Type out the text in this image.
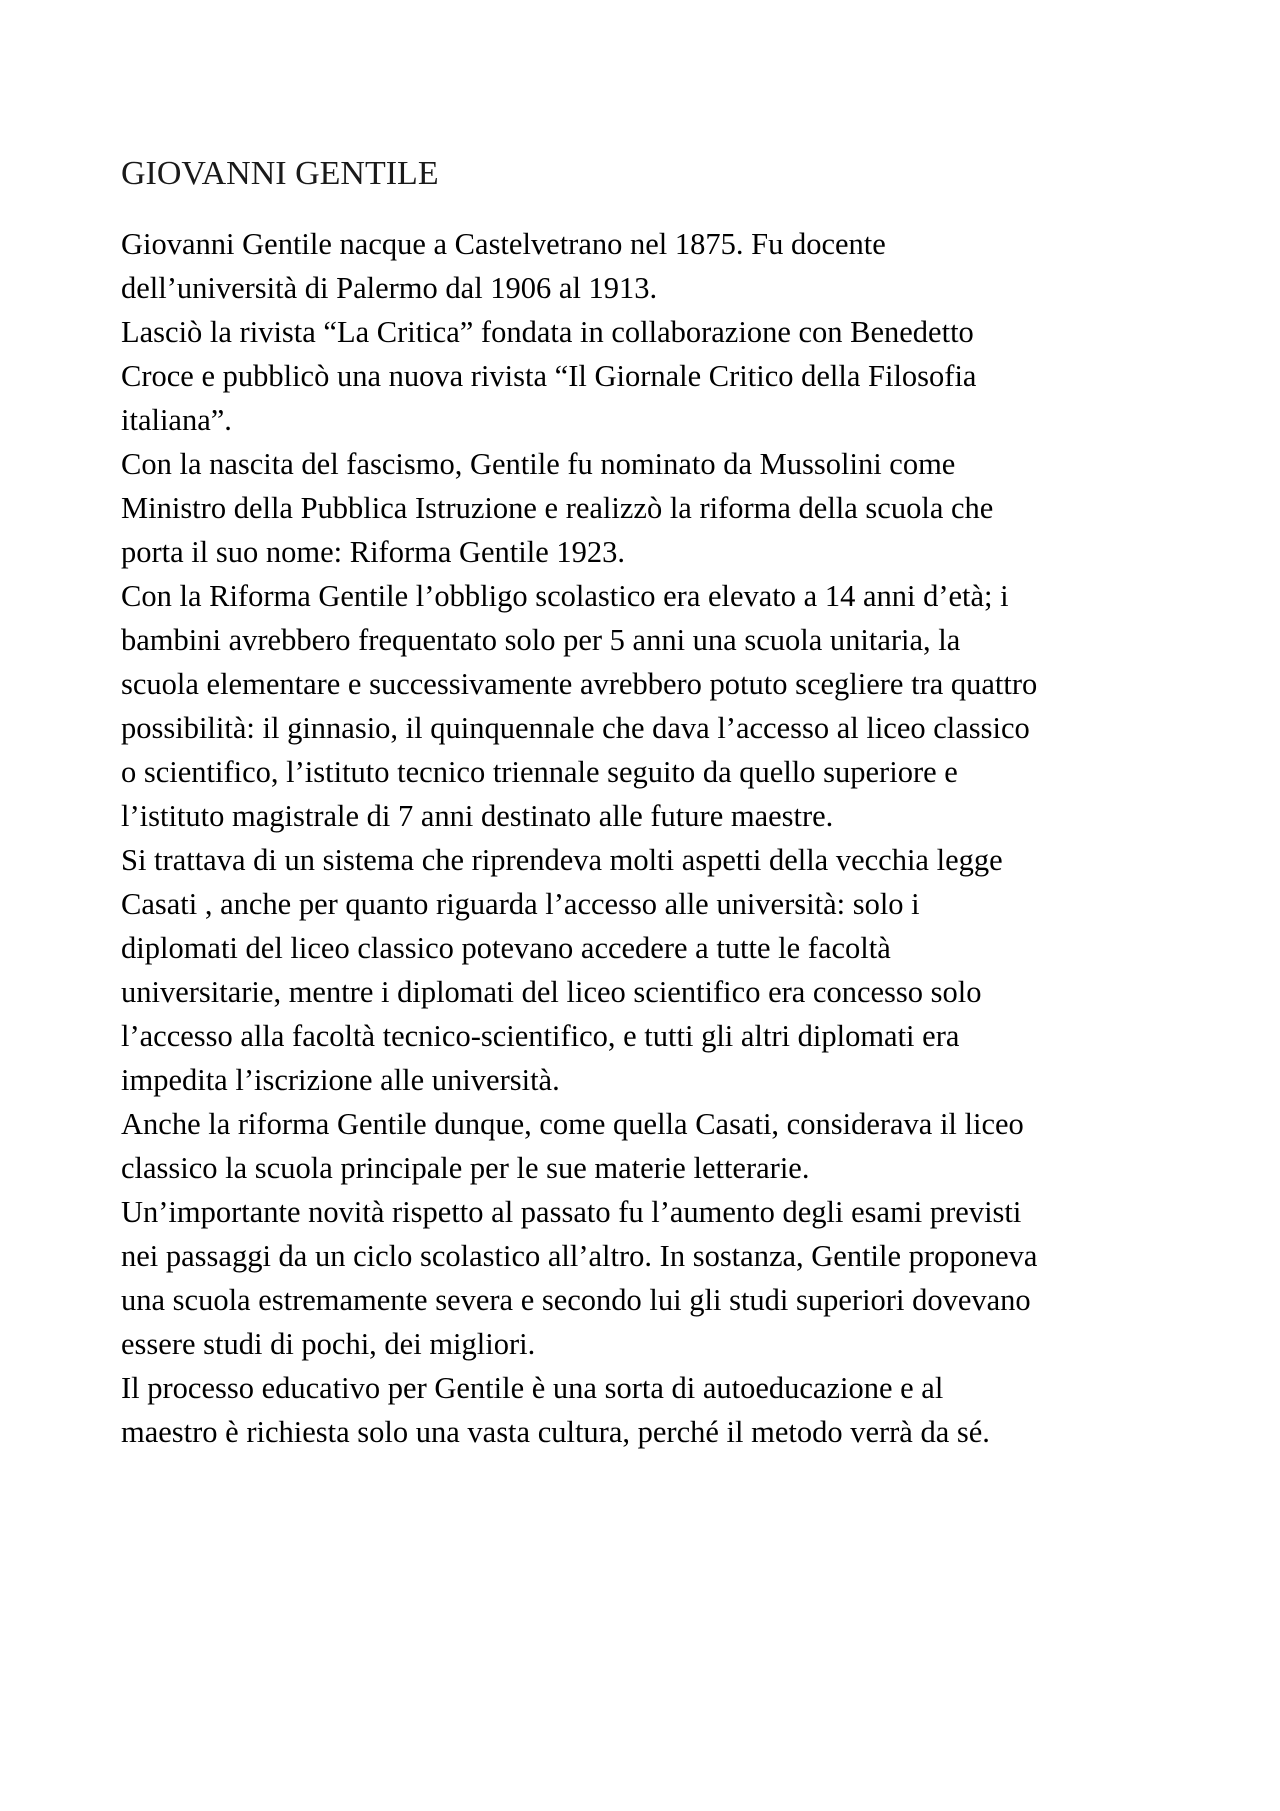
GIOVANNI GENTILE
Giovanni Gentile nacque a Castelvetrano nel 1875. Fu docente
dell’università di Palermo dal 1906 al 1913.
Lasciò la rivista “La Critica” fondata in collaborazione con Benedetto
Croce e pubblicò una nuova rivista “Il Giornale Critico della Filosofia
italiana”.
Con la nascita del fascismo, Gentile fu nominato da Mussolini come
Ministro della Pubblica Istruzione e realizzò la riforma della scuola che
porta il suo nome: Riforma Gentile 1923.
Con la Riforma Gentile l’obbligo scolastico era elevato a 14 anni d’età; i
bambini avrebbero frequentato solo per 5 anni una scuola unitaria, la
scuola elementare e successivamente avrebbero potuto scegliere tra quattro
possibilità: il ginnasio, il quinquennale che dava l’accesso al liceo classico
o scientifico, l’istituto tecnico triennale seguito da quello superiore e
l’istituto magistrale di 7 anni destinato alle future maestre.
Si trattava di un sistema che riprendeva molti aspetti della vecchia legge
Casati , anche per quanto riguarda l’accesso alle università: solo i
diplomati del liceo classico potevano accedere a tutte le facoltà
universitarie, mentre i diplomati del liceo scientifico era concesso solo
l’accesso alla facoltà tecnico-scientifico, e tutti gli altri diplomati era
impedita l’iscrizione alle università.
Anche la riforma Gentile dunque, come quella Casati, considerava il liceo
classico la scuola principale per le sue materie letterarie.
Un’importante novità rispetto al passato fu l’aumento degli esami previsti
nei passaggi da un ciclo scolastico all’altro. In sostanza, Gentile proponeva
una scuola estremamente severa e secondo lui gli studi superiori dovevano
essere studi di pochi, dei migliori.
Il processo educativo per Gentile è una sorta di autoeducazione e al
maestro è richiesta solo una vasta cultura, perché il metodo verrà da sé.
